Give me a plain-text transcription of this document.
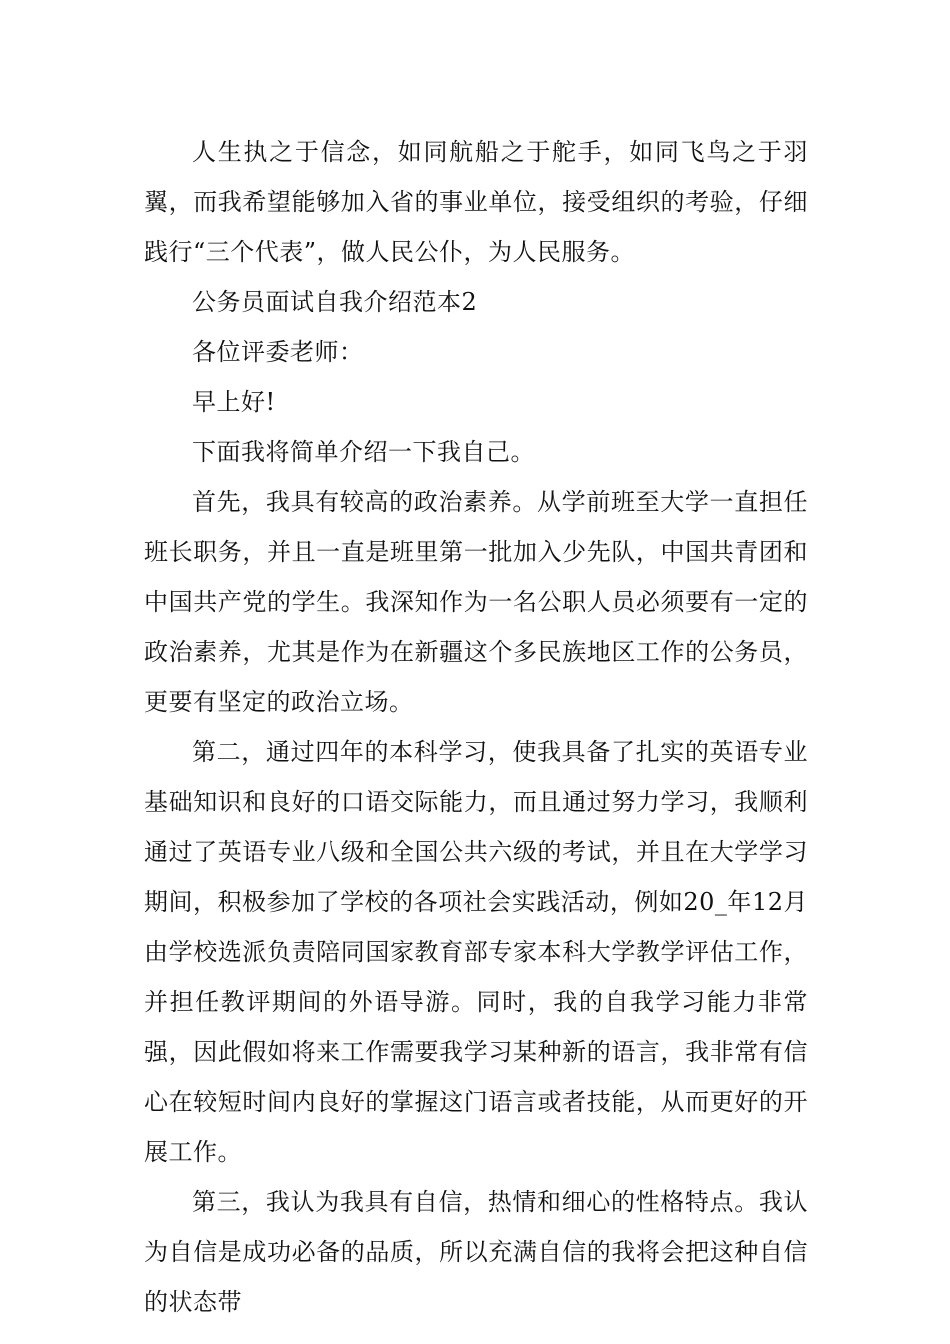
人生执之于信念，如同航船之于舵手，如同飞鸟之于羽翼，而我希望能够加入省的事业单位，接受组织的考验，仔细践行“三个代表”，做人民公仆，为人民服务。

公务员面试自我介绍范本2

各位评委老师：

早上好!

下面我将简单介绍一下我自己。

首先，我具有较高的政治素养。从学前班至大学一直担任班长职务，并且一直是班里第一批加入少先队，中国共青团和中国共产党的学生。我深知作为一名公职人员必须要有一定的政治素养，尤其是作为在新疆这个多民族地区工作的公务员，更要有坚定的政治立场。

第二，通过四年的本科学习，使我具备了扎实的英语专业基础知识和良好的口语交际能力，而且通过努力学习，我顺利通过了英语专业八级和全国公共六级的考试，并且在大学学习期间，积极参加了学校的各项社会实践活动，例如20_年12月由学校选派负责陪同国家教育部专家本科大学教学评估工作，并担任教评期间的外语导游。同时，我的自我学习能力非常强，因此假如将来工作需要我学习某种新的语言，我非常有信心在较短时间内良好的掌握这门语言或者技能，从而更好的开展工作。

第三，我认为我具有自信，热情和细心的性格特点。我认为自信是成功必备的品质，所以充满自信的我将会把这种自信的状态带
